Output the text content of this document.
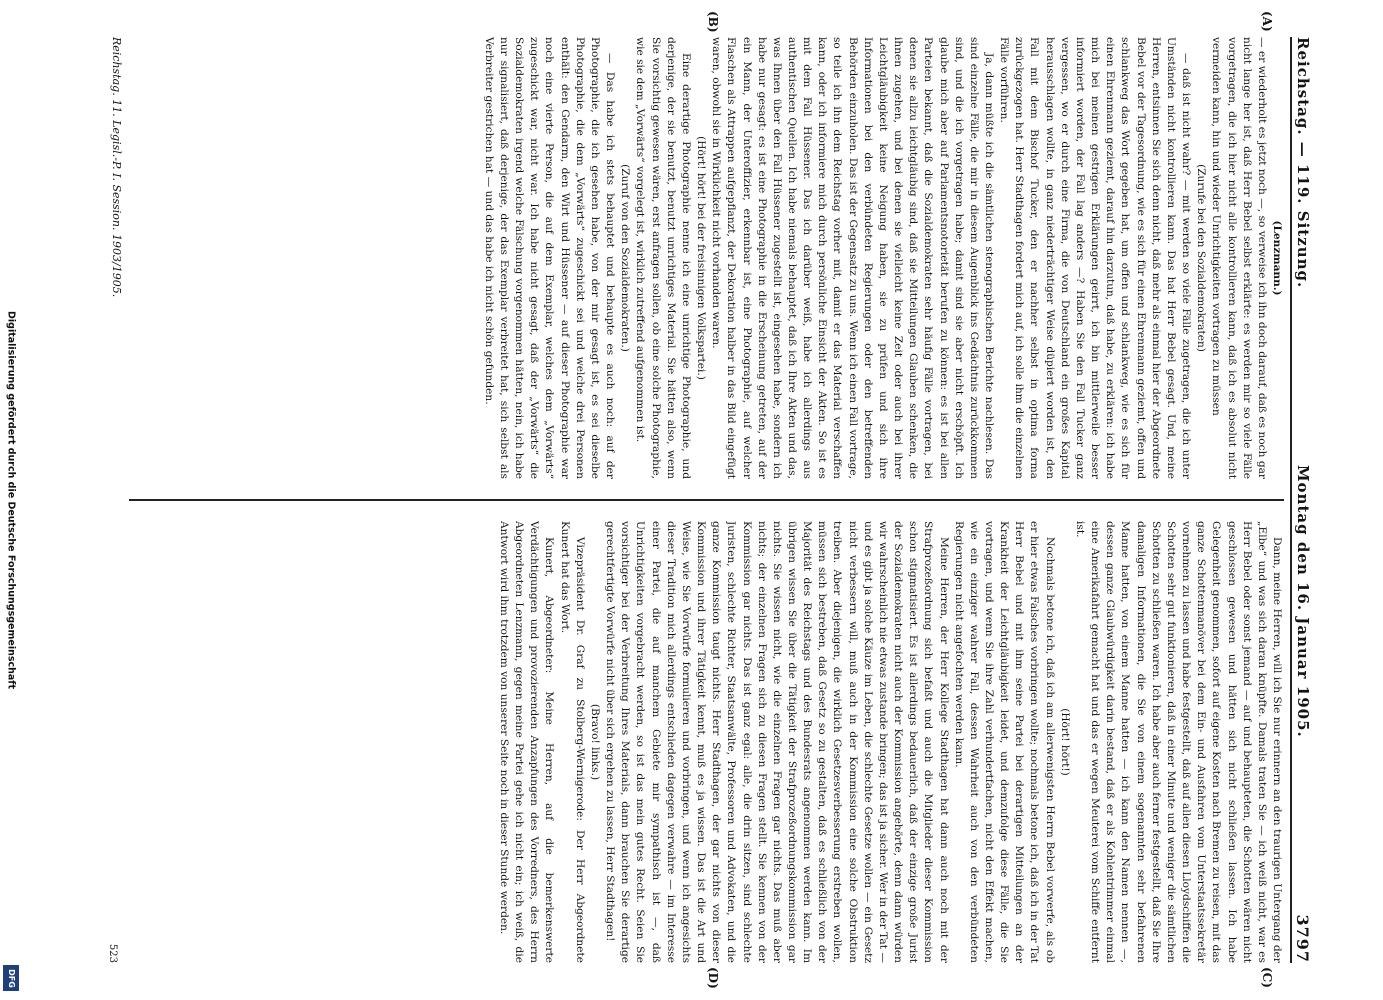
Digitalisierung gefördert durch die Deutsche Forschungsgemeinschaft
DFG
Reichstag. — 119. Sitzung.
Montag den 16. Januar 1905.
3797
(A)
(B)
(C)
(D)

(Lenzmann.)

— er wiederholt es jetzt noch —, so verweise ich ihn doch darauf, daß es noch gar nicht lange her ist, daß Herr Bebel selbst erklärte: es werden mir so viele Fälle vorgetragen, die ich hier nicht alle kontrollieren kann, daß ich es absolut nicht vermeiden kann, hin und wieder Unrichtigkeiten vortragen zu müssen

(Zurufe bei den Sozialdemokraten)

— daß ist nicht wahr? — mit werden so viele Fälle zugetragen, die ich unter Umständen nicht kontrollieren kann. Das hat Herr Bebel gesagt. Und, meine Herren, entsinnen Sie sich denn nicht, daß mehr als einmal hier der Abgeordnete Bebel vor der Tagesordnung, wie es sich für einen Ehrenmann geziemt, offen und schlankweg das Wort gegeben hat, um offen und schlankweg, wie es sich für einen Ehrenmann geziemt, darauf hin darzutun, daß habe, zu erklären: ich habe mich bei meinen gestrigen Erklärungen geirrt, ich bin mittlerweile besser informiert worden, der Fall lag anders —? Haben Sie den Fall Tucker ganz vergessen, wo er durch eine Firma, die von Deutschland ein großes Kapital herausschlagen wollte, in ganz niederträchtiger Weise düpiert worden ist, den Fall mit dem Bischof Tucker, den er nachher selbst in optima forma zurückgezogen hat. Herr Stadthagen fordert mich auf, ich solle ihm die einzelnen Fälle vorführen.

Ja, dann müßte ich die sämtlichen stenographischen Berichte nachlesen. Das sind einzelne Fälle, die mir in diesem Augenblick ins Gedächtnis zurückkommen sind, und die ich vorgetragen habe; damit sind sie aber nicht erschöpft. Ich glaube mich aber auf Parlamentsnotorietät berufen zu können: es ist bei allen Parteien bekannt, daß die Sozialdemokraten sehr häufig Fälle vortragen, bei denen sie allzu leichtgläubig sind, daß sie Mitteilungen Glauben schenken, die ihnen zugehen, und bei denen sie vielleicht keine Zeit oder auch bei ihrer Leichtgläubigkeit keine Neigung haben, sie zu prüfen und sich ihre Informationen bei den verbündeten Regierungen oder den betreffenden Behörden einzuholen. Das ist der Gegensatz zu uns. Wenn ich einen Fall vortrage, so teile ich ihn dem Reichstag vorher mit, damit er das Material verschaffen kann, oder ich informiere mich durch persönliche Einsicht der Akten. So ist es mit dem Fall Hüssener. Das ich darüber weiß, habe ich allerdings aus authentischen Quellen. Ich habe niemals behauptet, daß ich Ihre Akten und das, was Ihnen über den Fall Hüssener zugestellt ist, eingesehen habe, sondern ich habe nur gesagt: es ist eine Photographie in die Erscheinung getreten, auf der ein Mann, der Unteroffizier, erkennbar ist, eine Photographie, auf welcher Flaschen als Attrappen aufgepflanzt, der Dekoration halber in das Bild eingefügt waren, obwohl sie in Wirklichkeit nicht vorhanden waren.

(Hört! hört! bei der freisinnigen Volkspartei.)

Eine derartige Photographie nenne ich eine unrichtige Photographie, und derjenige, der sie benutzt, benutzt unrichtiges Material. Sie hätten also, wenn Sie vorsichtig gewesen wären, erst anfragen sollen, ob eine solche Photographie, wie sie dem „Vorwärts“ vorgelegt ist, wirklich zutreffend aufgenommen ist.

(Zuruf von den Sozialdemokraten.)

— Das habe ich stets behauptet und behaupte es auch noch: auf der Photographie, die ich gesehen habe, von der mir gesagt ist, es sei dieselbe Photographie, die dem „Vorwärts“ zugeschickt sei und welche drei Personen enthält: den Gendarm, den Wirt und Hüssener — auf dieser Photographie war noch eine vierte Person, die auf dem Exemplar, welches dem „Vorwärts“ zugeschickt war, nicht war. Ich habe nicht gesagt, daß der „Vorwärts“ die Sozialdemokraten irgend welche Fälschung vorgenommen hätten, nein, ich habe nur signalisiert, daß derjenige, der das Exemplar verbreitet hat, sich selbst als Verbreiter gestrichen hat — und das habe ich nicht schön gefunden.

Dann, meine Herren, will ich Sie nur erinnern an den traurigen Untergang der „Elbe“ und was sich daran knüpfte. Damals traten Sie — ich weiß nicht, war es Herr Bebel oder sonst jemand — auf und behaupteten, die Schotten wären nicht geschlossen gewesen und hätten sich nicht schließen lassen. Ich habe Gelegenheit genommen, sofort auf eigene Kosten nach Bremen zu reisen, mit das ganze Schottenmanöver bei dem Ein- und Ausfahren vom Unterstaatssekretär vornehmen zu lassen und habe festgestellt, daß auf allen diesen Lloydschiffen die Schotten sehr gut funktionieren, daß in einer Minute und weniger die sämtlichen Schotten zu schließen waren. Ich habe aber auch ferner festgestellt, daß Sie Ihre damaligen Informationen, die Sie von einem sogenannten sehr befahrenen Manne hatten, von einem Manne hatten — ich kann den Namen nennen —, dessen ganze Glaubwürdigkeit darin bestand, daß er als Kohlentrimmer einmal eine Amerikafahrt gemacht hat und das er wegen Meuterei vom Schiffe entfernt ist.

(Hört! hört!)

Nochmals betone ich, daß ich am allerwenigsten Herrn Bebel vorwerfe, als ob er hier etwas Falsches vorbringen wollte; nochmals betone ich, daß ich in der Tat Herr Bebel und mit ihm seine Partei bei derartigen Mitteilungen an der Krankheit der Leichtgläubigkeit leidet, und demzufolge diese Fälle, die Sie vortragen, und wenn Sie ihre Zahl verhundertfachen, nicht den Effekt machen, wie ein einziger wahrer Fall, dessen Wahrheit auch von den verbündeten Regierungen nicht angefochten werden kann.

Meine Herren, der Herr Kollege Stadthagen hat dann auch noch mit der Strafprozeßordnung sich befaßt und auch die Mitglieder dieser Kommission schon stigmatisiert. Es ist allerdings bedauerlich, daß der einzige große Jurist der Sozialdemokraten nicht auch der Kommission angehörte, denn dann würden wir wahrscheinlich nie etwas zustande bringen; das ist ja sicher. Wer in der Tat — und es gibt ja solche Käuze im Leben, die schlechte Gesetze wollen — ein Gesetz nicht verbessern will, muß auch in der Kommission eine solche Obstruktion treiben. Aber diejenigen, die wirklich Gesetzesverbesserung erstreben wollen, müssen sich bestreben, daß Gesetz so zu gestalten, daß es schließlich von der Majorität des Reichstags und des Bundesrats angenommen werden kann. Im übrigen wissen Sie über die Tätigkeit der Strafprozeßordnungskommission gar nichts. Sie wissen nicht, wie die einzelnen Fragen gar nichts. Das muß aber nichts; der einzelnen Fragen sich zu diesen Fragen stellt. Sie kennen von der Kommission gar nichts. Das ist ganz egal: alle, die drin sitzen, sind schlechte Juristen, schlechte Richter, Staatsanwälte, Professoren und Advokaten, und die ganze Kommission taugt nichts. Herr Stadthagen, der gar nichts von dieser Kommission und ihrer Tätigkeit kennt, muß es ja wissen. Das ist die Art und Weise, wie Sie Vorwürfe formulieren und vorbringen, und wenn ich angesichts dieser Tradition mich allerdings entschieden dagegen verwahre — im Interesse einer Partei, die auf manchem Gebiete mir sympathisch ist —, daß Unrichtigkeiten vorgebracht werden, so ist das mein gutes Recht. Seien Sie vorsichtiger bei der Verbreitung Ihres Materials, dann brauchen Sie derartige gerechtfertigte Vorwürfe nicht über sich ergehen zu lassen, Herr Stadthagen!

(Bravo! links.)

Vizepräsident Dr. Graf zu Stolberg-Wernigerode: Der Herr Abgeordnete Kunert hat das Wort.

Kunert, Abgeordneter: Meine Herren, auf die bemerkenswerte Verdächtigungen und provozierenden Anzapfungen des Vorredners, des Herrn Abgeordneten Lenzmann, gegen meine Partei gehe ich nicht ein; ich weiß, die Antwort wird ihm trotzdem von unserer Seite noch in dieser Stunde werden.

Reichstag. 11. Legisl.-P. I. Session. 1903/1905.
523
